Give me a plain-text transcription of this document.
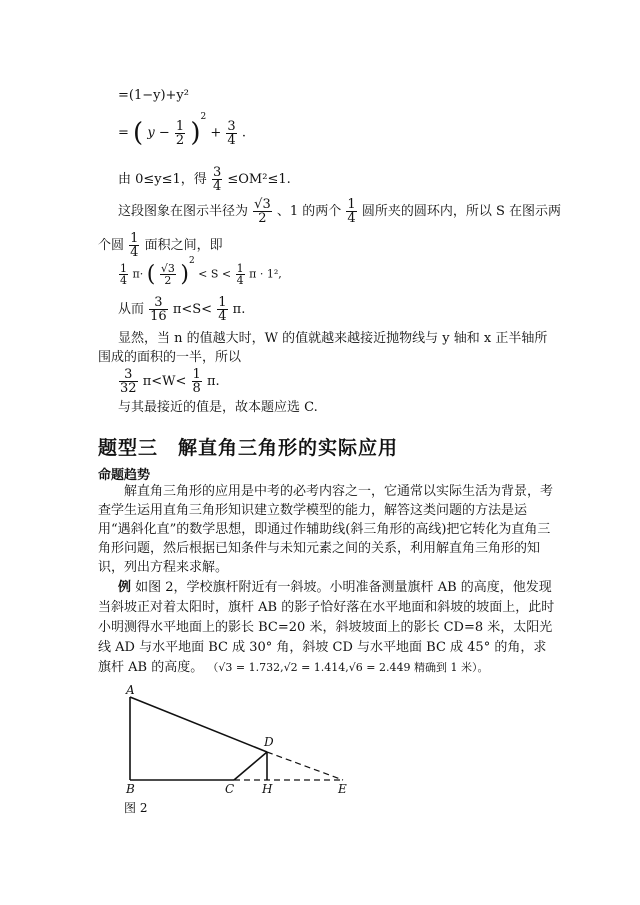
=(1−y)+y²
= ( $y - \frac{1}{2} )^2 + \frac{3}{4}$ .
由 0≤y≤1，得 $\frac{3}{4} \le OM^2\le 1$.
这段图象在图示半径为 $\frac{√3}{2}$ 、1 的两个 $\frac{1}{4}$ 圆所夹的圆环内，所以 S 在图示两
个圆 $\frac{1}{4}$ 面积之间，即
$\frac{1}{4} \pi\cdot$ ( $\frac{√3}{2} )^2 < S < \frac{1}{4}$ π · 1²,
从而 $\frac{3}{16} \pi<S< \frac{1}{4} \pi$.
显然，当 n 的值越大时，W 的值就越来越接近抛物线与 y 轴和 x 正半轴所围成的面积的一半，所以
$\frac{3}{32} \pi<W< \frac{1}{8} \pi$.
与其最接近的值是，故本题应选 C.
题型三　解直角三角形的实际应用
命题趋势
解直角三角形的应用是中考的必考内容之一，它通常以实际生活为背景，考查学生运用直角三角形知识建立数学模型的能力，解答这类问题的方法是运用“遇斜化直”的数学思想，即通过作辅助线(斜三角形的高线)把它转化为直角三角形问题，然后根据已知条件与未知元素之间的关系，利用解直角三角形的知识，列出方程来求解。
例 如图 2，学校旗杆附近有一斜坡。小明准备测量旗杆 AB 的高度，他发现当斜坡正对着太阳时，旗杆 AB 的影子恰好落在水平地面和斜坡的坡面上，此时小明测得水平地面上的影长 BC=20 米，斜坡坡面上的影长 CD=8 米，太阳光线 AD 与水平地面 BC 成 30° 角，斜坡 CD 与水平地面 BC 成 45° 的角，求旗杆 AB 的高度。 （√3 = 1.732,√2 = 1.414,√6 = 2.449 精确到 1 米）。
A
B	C
D
H	E
图 2
